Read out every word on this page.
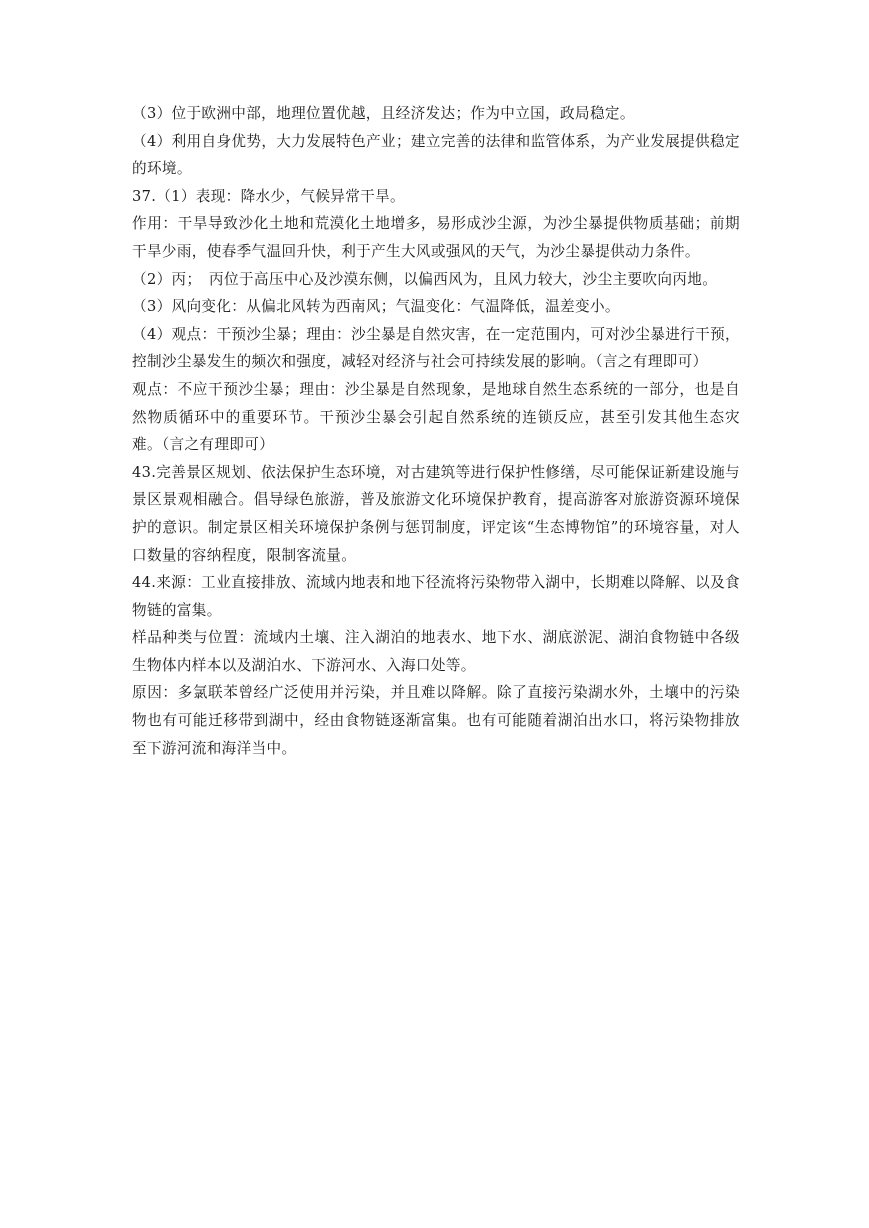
（3）位于欧洲中部，地理位置优越，且经济发达；作为中立国，政局稳定。

（4）利用自身优势，大力发展特色产业；建立完善的法律和监管体系，为产业发展提供稳定的环境。

37.（1）表现：降水少，气候异常干旱。

作用：干旱导致沙化土地和荒漠化土地增多，易形成沙尘源，为沙尘暴提供物质基础；前期干旱少雨，使春季气温回升快，利于产生大风或强风的天气，为沙尘暴提供动力条件。

（2）丙；　丙位于高压中心及沙漠东侧，以偏西风为，且风力较大，沙尘主要吹向丙地。

（3）风向变化：从偏北风转为西南风；气温变化：气温降低，温差变小。

（4）观点：干预沙尘暴；理由：沙尘暴是自然灾害，在一定范围内，可对沙尘暴进行干预，控制沙尘暴发生的频次和强度，减轻对经济与社会可持续发展的影响。（言之有理即可）

观点：不应干预沙尘暴；理由：沙尘暴是自然现象，是地球自然生态系统的一部分，也是自然物质循环中的重要环节。干预沙尘暴会引起自然系统的连锁反应，甚至引发其他生态灾难。（言之有理即可）

43.完善景区规划、依法保护生态环境，对古建筑等进行保护性修缮，尽可能保证新建设施与景区景观相融合。倡导绿色旅游，普及旅游文化环境保护教育，提高游客对旅游资源环境保护的意识。制定景区相关环境保护条例与惩罚制度，评定该“生态博物馆”的环境容量，对人口数量的容纳程度，限制客流量。

44.来源：工业直接排放、流域内地表和地下径流将污染物带入湖中，长期难以降解、以及食物链的富集。

样品种类与位置：流域内土壤、注入湖泊的地表水、地下水、湖底淤泥、湖泊食物链中各级生物体内样本以及湖泊水、下游河水、入海口处等。

原因：多氯联苯曾经广泛使用并污染，并且难以降解。除了直接污染湖水外，土壤中的污染物也有可能迁移带到湖中，经由食物链逐渐富集。也有可能随着湖泊出水口，将污染物排放至下游河流和海洋当中。
